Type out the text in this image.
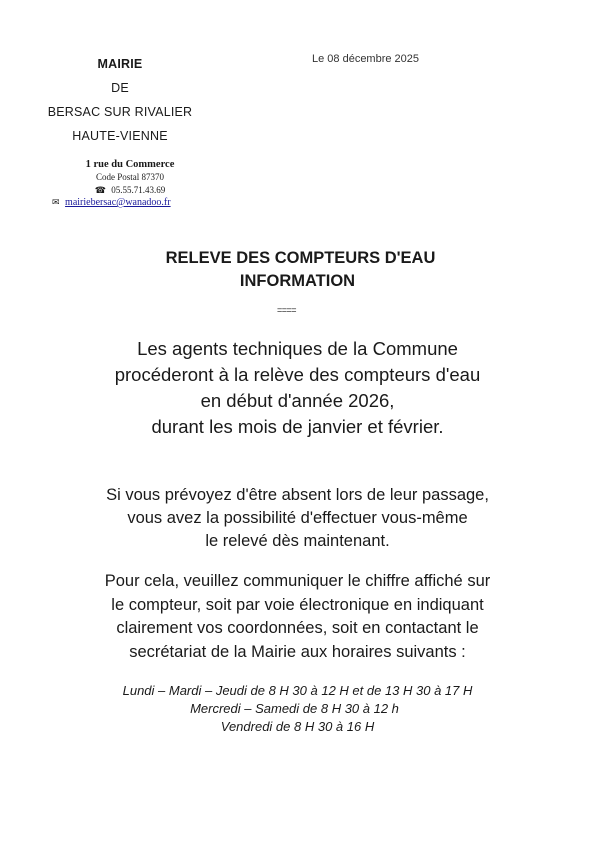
MAIRIE
DE
BERSAC SUR RIVALIER
HAUTE-VIENNE
1 rue du Commerce
Code Postal 87370
☎ 05.55.71.43.69
✉ mairiebersac@wanadoo.fr
Le 08 décembre 2025
RELEVE DES COMPTEURS D'EAU
INFORMATION
====
Les agents techniques de la Commune
procéderont à la relève des compteurs d'eau
en début d'année 2026,
durant les mois de janvier et février.
Si vous prévoyez d'être absent lors de leur passage,
vous avez la possibilité d'effectuer vous-même
le relevé dès maintenant.
Pour cela, veuillez communiquer le chiffre affiché sur
le compteur, soit par voie électronique en indiquant
clairement vos coordonnées, soit en contactant le
secrétariat de la Mairie aux horaires suivants :
Lundi – Mardi – Jeudi de 8 H 30 à 12 H et de 13 H 30 à 17 H
Mercredi – Samedi de 8 H 30 à 12 h
Vendredi de 8 H 30 à 16 H
